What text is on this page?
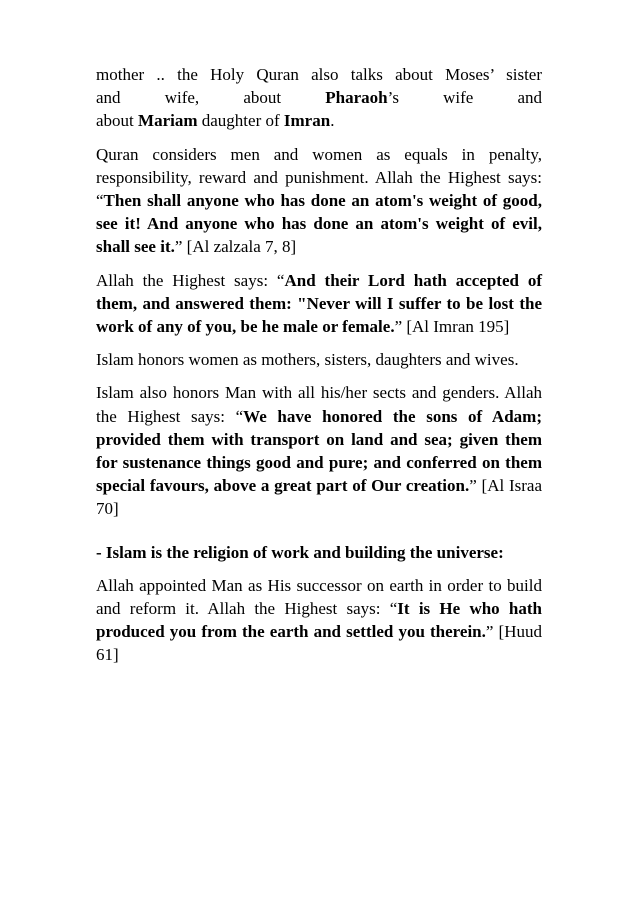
mother .. the Holy Quran also talks about Moses’ sister
and wife, about Pharaoh’s wife and
about Mariam daughter of Imran.

Quran considers men and women as equals in penalty, responsibility, reward and punishment. Allah the Highest says: “Then shall anyone who has done an atom's weight of good, see it! And anyone who has done an atom's weight of evil, shall see it.” [Al zalzala 7, 8]

Allah the Highest says: “And their Lord hath accepted of them, and answered them: "Never will I suffer to be lost the work of any of you, be he male or female.” [Al Imran 195]

Islam honors women as mothers, sisters, daughters and wives.

Islam also honors Man with all his/her sects and genders. Allah the Highest says: “We have honored the sons of Adam; provided them with transport on land and sea; given them for sustenance things good and pure; and conferred on them special favours, above a great part of Our creation.” [Al Israa 70]

- Islam is the religion of work and building the universe:

Allah appointed Man as His successor on earth in order to build and reform it. Allah the Highest says: “It is He who hath produced you from the earth and settled you therein.” [Huud 61]
